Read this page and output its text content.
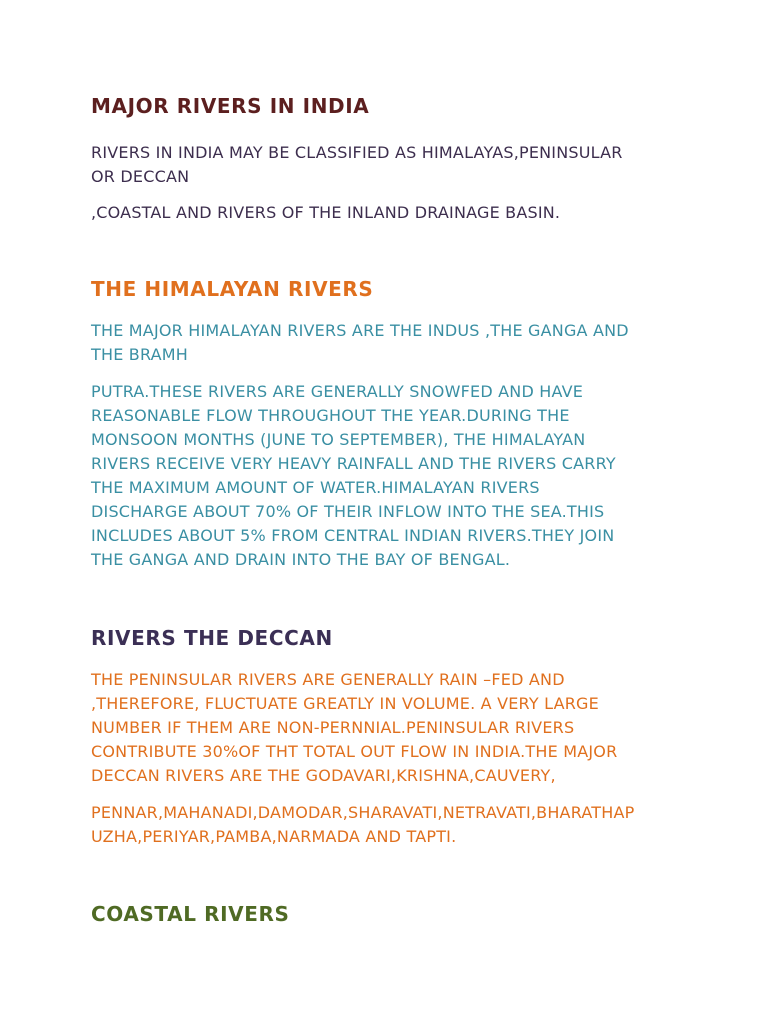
MAJOR RIVERS IN INDIA

RIVERS IN INDIA MAY BE CLASSIFIED AS HIMALAYAS,PENINSULAR
OR DECCAN

,COASTAL AND RIVERS OF THE INLAND DRAINAGE BASIN.

THE HIMALAYAN RIVERS

THE MAJOR HIMALAYAN RIVERS ARE THE INDUS ,THE GANGA AND
THE BRAMH

PUTRA.THESE RIVERS ARE GENERALLY SNOWFED AND HAVE
REASONABLE FLOW THROUGHOUT THE YEAR.DURING THE
MONSOON MONTHS (JUNE TO SEPTEMBER), THE HIMALAYAN
RIVERS RECEIVE VERY HEAVY RAINFALL AND THE RIVERS CARRY
THE MAXIMUM AMOUNT OF WATER.HIMALAYAN RIVERS
DISCHARGE ABOUT 70% OF THEIR INFLOW INTO THE SEA.THIS
INCLUDES ABOUT 5% FROM CENTRAL INDIAN RIVERS.THEY JOIN
THE GANGA AND DRAIN INTO THE BAY OF BENGAL.

RIVERS THE DECCAN

THE PENINSULAR RIVERS ARE GENERALLY RAIN –FED AND
,THEREFORE, FLUCTUATE GREATLY IN VOLUME. A VERY LARGE
NUMBER IF THEM ARE NON-PERNNIAL.PENINSULAR RIVERS
CONTRIBUTE 30%OF THT TOTAL OUT FLOW IN INDIA.THE MAJOR
DECCAN RIVERS ARE THE GODAVARI,KRISHNA,CAUVERY,

PENNAR,MAHANADI,DAMODAR,SHARAVATI,NETRAVATI,BHARATHAP
UZHA,PERIYAR,PAMBA,NARMADA AND TAPTI.

COASTAL RIVERS
